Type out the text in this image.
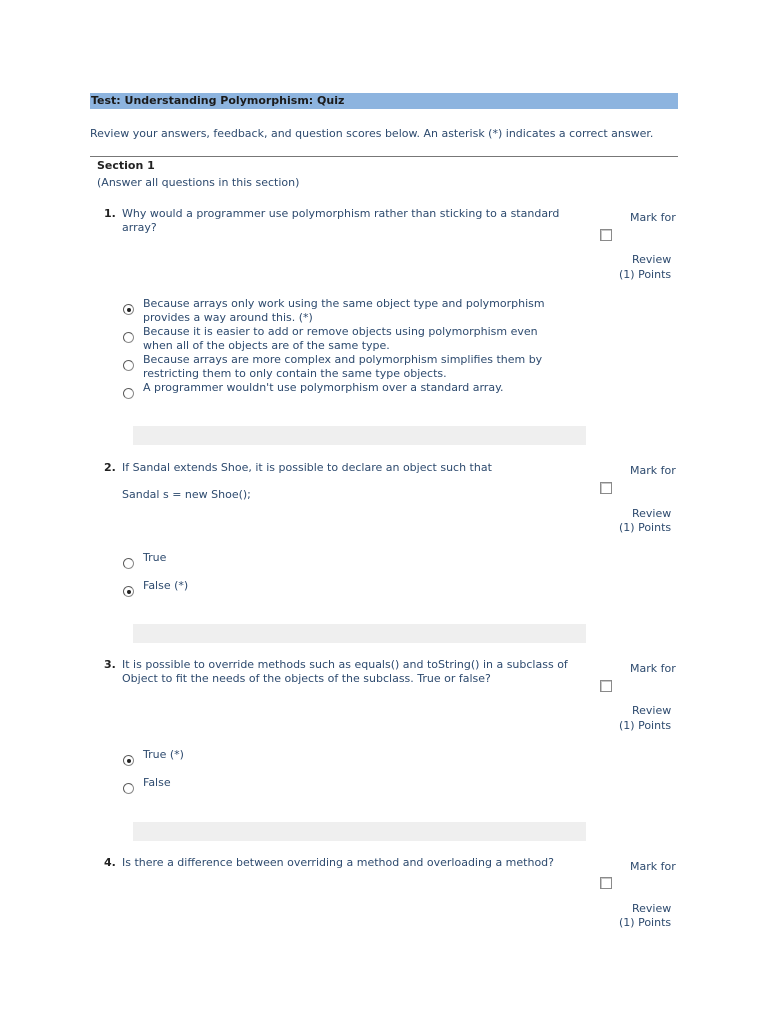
Test: Understanding Polymorphism: Quiz
Review your answers, feedback, and question scores below. An asterisk (*) indicates a correct answer.
Section 1
(Answer all questions in this section)
1. Why would a programmer use polymorphism rather than sticking to a standard array?
Mark for
Review
(1) Points
Because arrays only work using the same object type and polymorphism
provides a way around this. (*)
Because it is easier to add or remove objects using polymorphism even
when all of the objects are of the same type.
Because arrays are more complex and polymorphism simplifies them by
restricting them to only contain the same type objects.
A programmer wouldn't use polymorphism over a standard array.
2. If Sandal extends Shoe, it is possible to declare an object such that
Sandal s = new Shoe();
Mark for
Review
(1) Points
True
False (*)
3. It is possible to override methods such as equals() and toString() in a subclass of Object to fit the needs of the objects of the subclass. True or false?
Mark for
Review
(1) Points
True (*)
False
4. Is there a difference between overriding a method and overloading a method?	Mark for
Review
(1) Points
